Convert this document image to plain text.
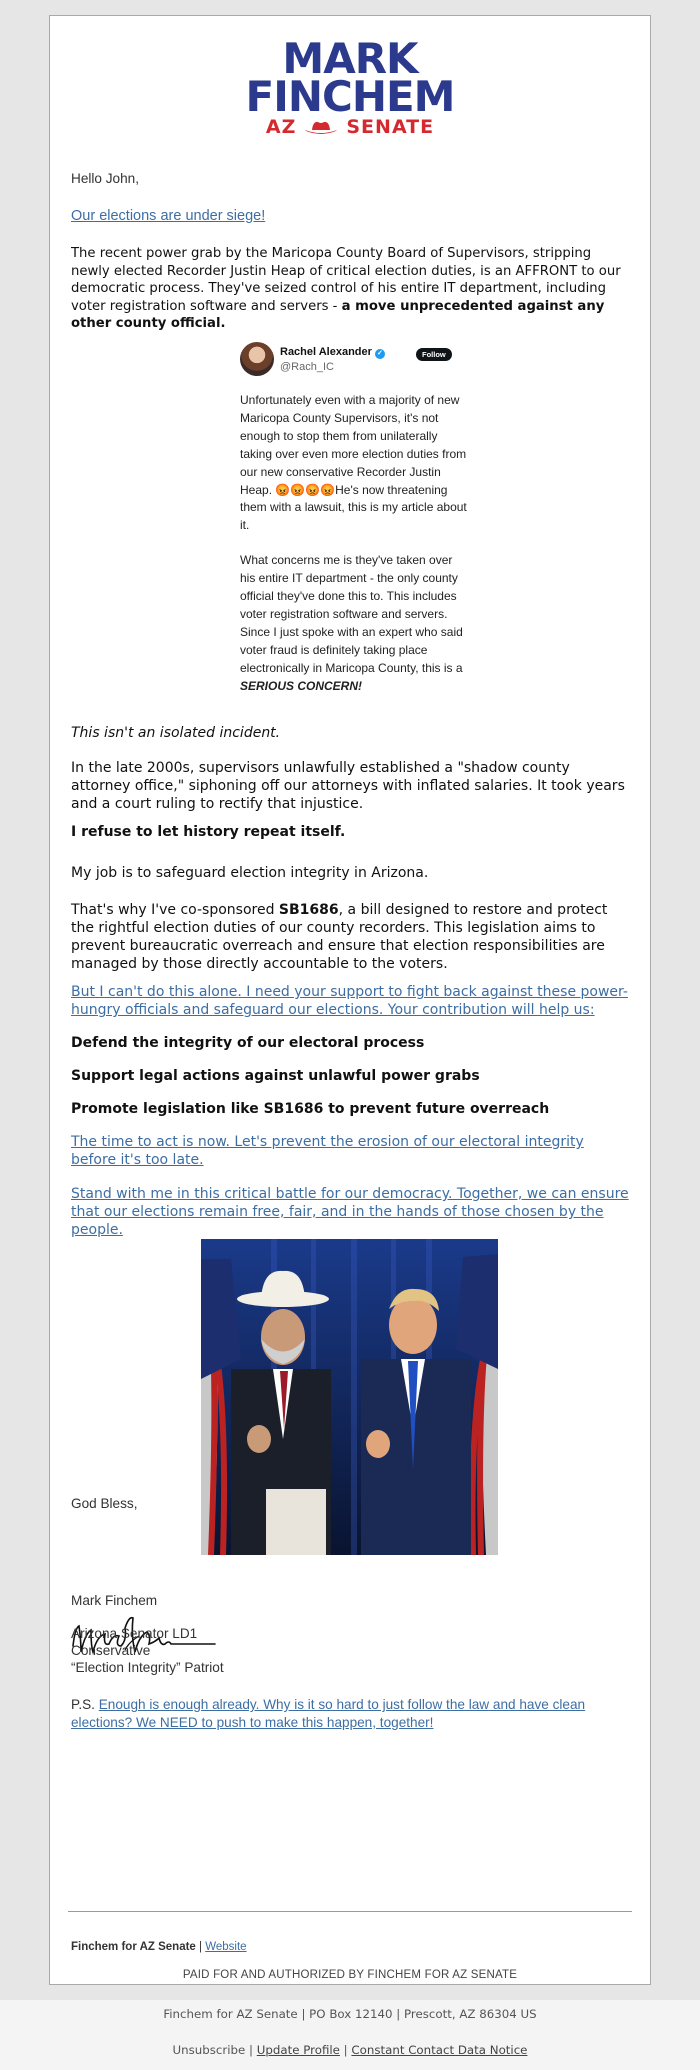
MARK
FINCHEM
AZ	SENATE
Hello John,
Our elections are under siege!
The recent power grab by the Maricopa County Board of Supervisors, stripping newly elected Recorder Justin Heap of critical election duties, is an AFFRONT to our democratic process. They've seized control of his entire IT department, including voter registration software and servers - a move unprecedented against any other county official.
Rachel Alexander ✓
@Rach_IC
Follow

Unfortunately even with a majority of new Maricopa County Supervisors, it's not enough to stop them from unilaterally taking over even more election duties from our new conservative Recorder Justin Heap. 😡😡😡😡He's now threatening them with a lawsuit, this is my article about it.

What concerns me is they've taken over his entire IT department - the only county official they've done this to. This includes voter registration software and servers. Since I just spoke with an expert who said voter fraud is definitely taking place electronically in Maricopa County, this is a SERIOUS CONCERN!

This isn't an isolated incident.
In the late 2000s, supervisors unlawfully established a "shadow county attorney office," siphoning off our attorneys with inflated salaries. It took years and a court ruling to rectify that injustice.
I refuse to let history repeat itself.
My job is to safeguard election integrity in Arizona.
That's why I've co-sponsored SB1686, a bill designed to restore and protect the rightful election duties of our county recorders. This legislation aims to prevent bureaucratic overreach and ensure that election responsibilities are managed by those directly accountable to the voters.
But I can't do this alone. I need your support to fight back against these power-hungry officials and safeguard our elections. Your contribution will help us:
Defend the integrity of our electoral process
Support legal actions against unlawful power grabs
Promote legislation like SB1686 to prevent future overreach
The time to act is now. Let's prevent the erosion of our electoral integrity before it's too late.
Stand with me in this critical battle for our democracy. Together, we can ensure that our elections remain free, fair, and in the hands of those chosen by the people.
God Bless,
Mark Finchem
Arizona Senator LD1
Conservative
“Election Integrity” Patriot
P.S. Enough is enough already. Why is it so hard to just follow the law and have clean elections? We NEED to push to make this happen, together!
Finchem for AZ Senate | Website
PAID FOR AND AUTHORIZED BY FINCHEM FOR AZ SENATE
Finchem for AZ Senate | PO Box 12140 | Prescott, AZ 86304 US
Unsubscribe | Update Profile | Constant Contact Data Notice
